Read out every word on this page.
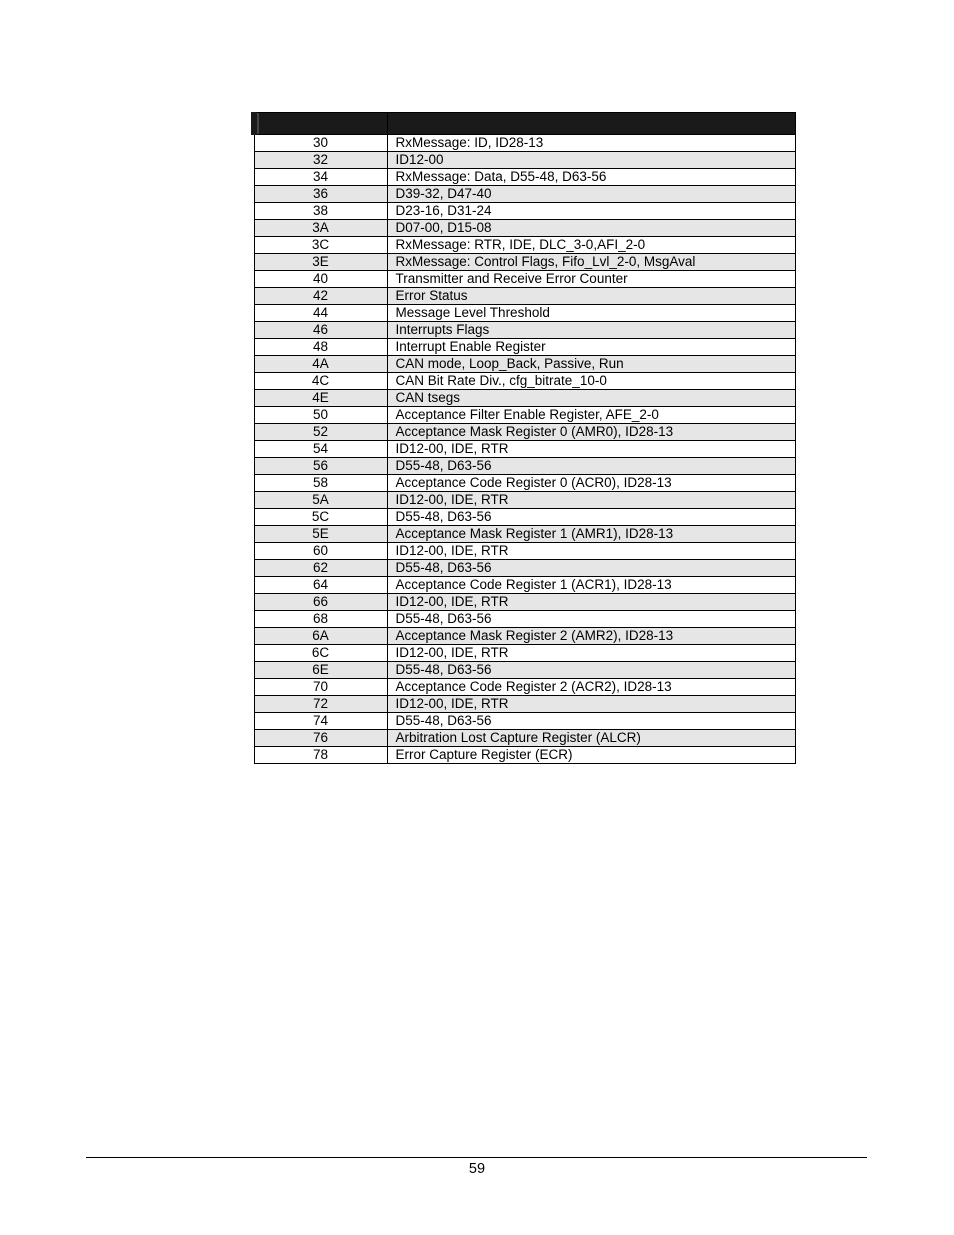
30	RxMessage: ID, ID28-13
32	ID12-00
34	RxMessage: Data, D55-48, D63-56
36	D39-32, D47-40
38	D23-16, D31-24
3A	D07-00, D15-08
3C	RxMessage: RTR, IDE, DLC_3-0,AFI_2-0
3E	RxMessage: Control Flags, Fifo_Lvl_2-0, MsgAval
40	Transmitter and Receive Error Counter
42	Error Status
44	Message Level Threshold
46	Interrupts Flags
48	Interrupt Enable Register
4A	CAN mode, Loop_Back, Passive, Run
4C	CAN Bit Rate Div., cfg_bitrate_10-0
4E	CAN tsegs
50	Acceptance Filter Enable Register, AFE_2-0
52	Acceptance Mask Register 0 (AMR0), ID28-13
54	ID12-00, IDE, RTR
56	D55-48, D63-56
58	Acceptance Code Register 0 (ACR0), ID28-13
5A	ID12-00, IDE, RTR
5C	D55-48, D63-56
5E	Acceptance Mask Register 1 (AMR1), ID28-13
60	ID12-00, IDE, RTR
62	D55-48, D63-56
64	Acceptance Code Register 1 (ACR1), ID28-13
66	ID12-00, IDE, RTR
68	D55-48, D63-56
6A	Acceptance Mask Register 2 (AMR2), ID28-13
6C	ID12-00, IDE, RTR
6E	D55-48, D63-56
70	Acceptance Code Register 2 (ACR2), ID28-13
72	ID12-00, IDE, RTR
74	D55-48, D63-56
76	Arbitration Lost Capture Register (ALCR)
78	Error Capture Register (ECR)
59
